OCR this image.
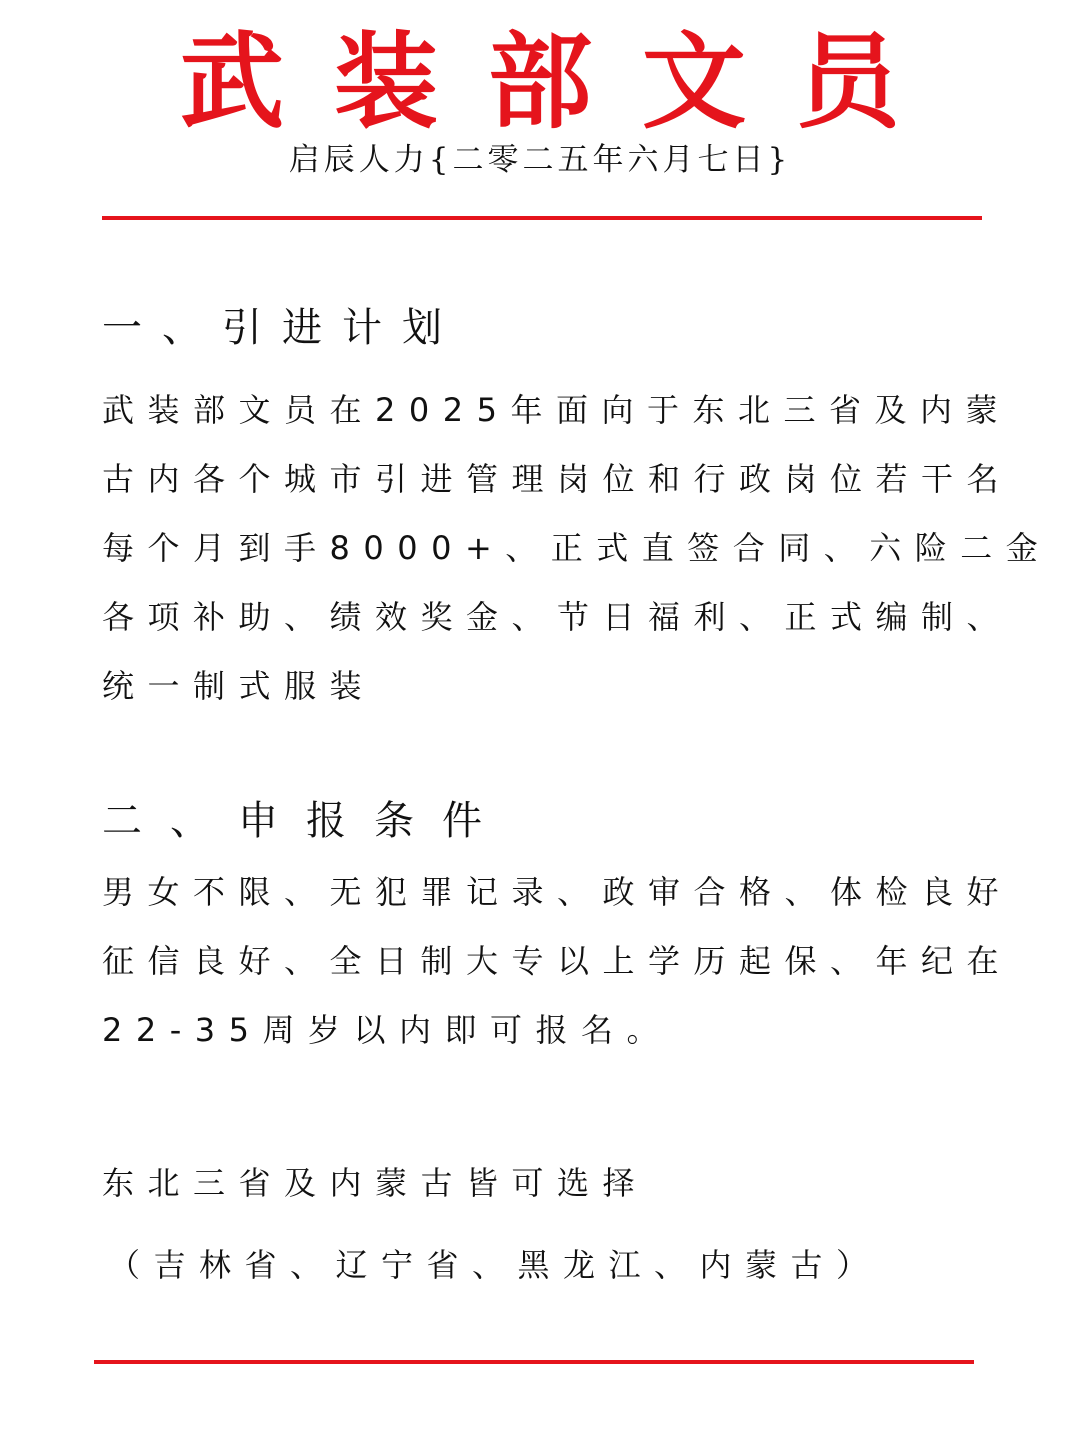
武装部文员
启辰人力{二零二五年六月七日}
一、引进计划
武装部文员在2025年面向于东北三省及内蒙
古内各个城市引进管理岗位和行政岗位若干名
每个月到手8000+、正式直签合同、六险二金
各项补助、绩效奖金、节日福利、正式编制、
统一制式服装
二、申报条件
男女不限、无犯罪记录、政审合格、体检良好
征信良好、全日制大专以上学历起保、年纪在
22-35周岁以内即可报名。
东北三省及内蒙古皆可选择
（吉林省、辽宁省、黑龙江、内蒙古）
